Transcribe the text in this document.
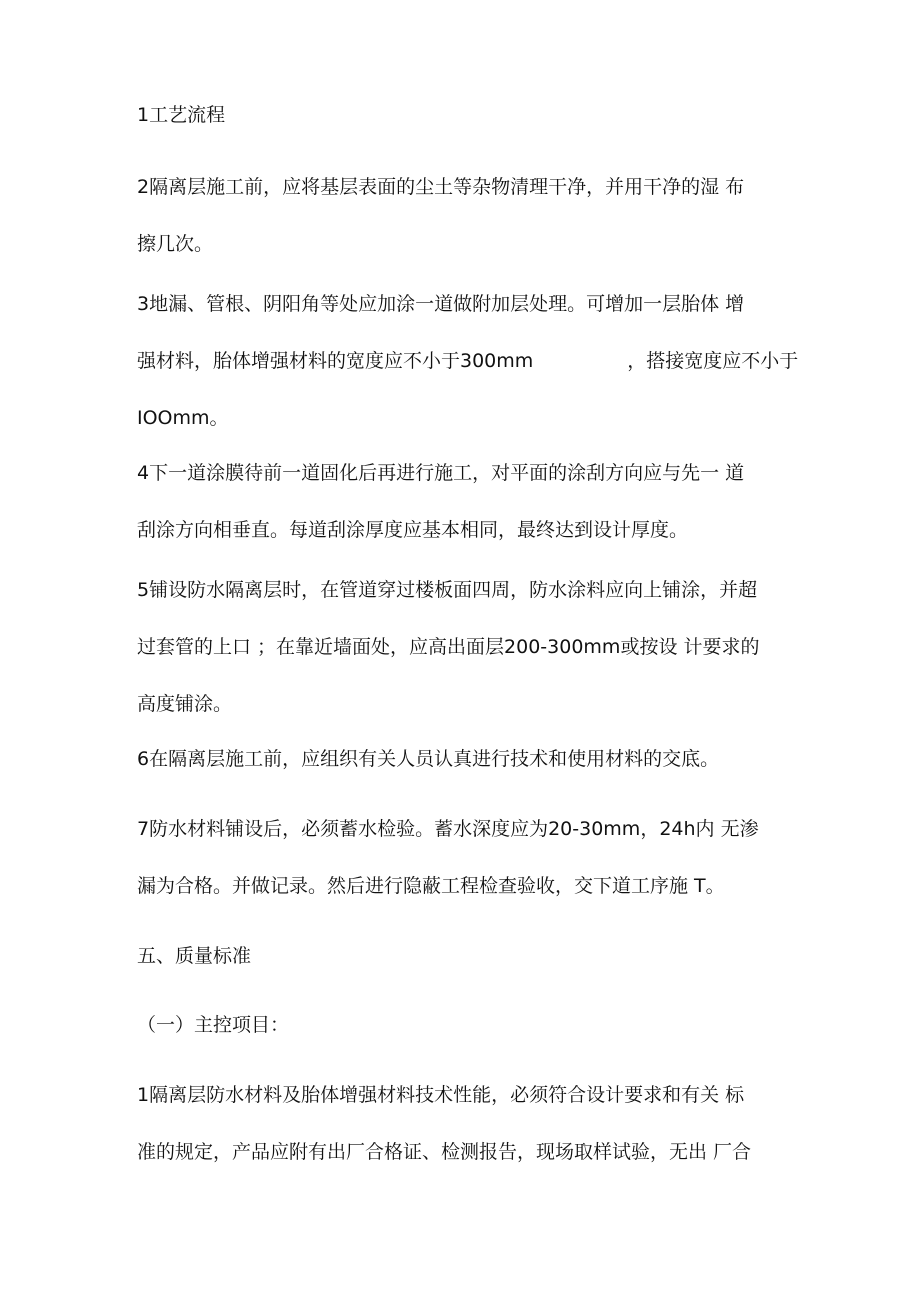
1工艺流程

2隔离层施工前，应将基层表面的尘土等杂物清理干净，并用干净的湿 布
擦几次。

3地漏、管根、阴阳角等处应加涂一道做附加层处理。可增加一层胎体 增
强材料，胎体增强材料的宽度应不小于300mm	，搭接宽度应不小于
IOOmm。

4下一道涂膜待前一道固化后再进行施工，对平面的涂刮方向应与先一 道
刮涂方向相垂直。每道刮涂厚度应基本相同，最终达到设计厚度。

5铺设防水隔离层时，在管道穿过楼板面四周，防水涂料应向上铺涂，并超
过套管的上口 ；在靠近墙面处，应高出面层200-300mm或按设 计要求的
高度铺涂。

6在隔离层施工前，应组织有关人员认真进行技术和使用材料的交底。

7防水材料铺设后，必须蓄水检验。蓄水深度应为20-30mm，24h内 无渗
漏为合格。并做记录。然后进行隐蔽工程检查验收，交下道工序施 T。

五、质量标准

（一）主控项目：

1隔离层防水材料及胎体增强材料技术性能，必须符合设计要求和有关 标
准的规定，产品应附有出厂合格证、检测报告，现场取样试验，无出 厂合
